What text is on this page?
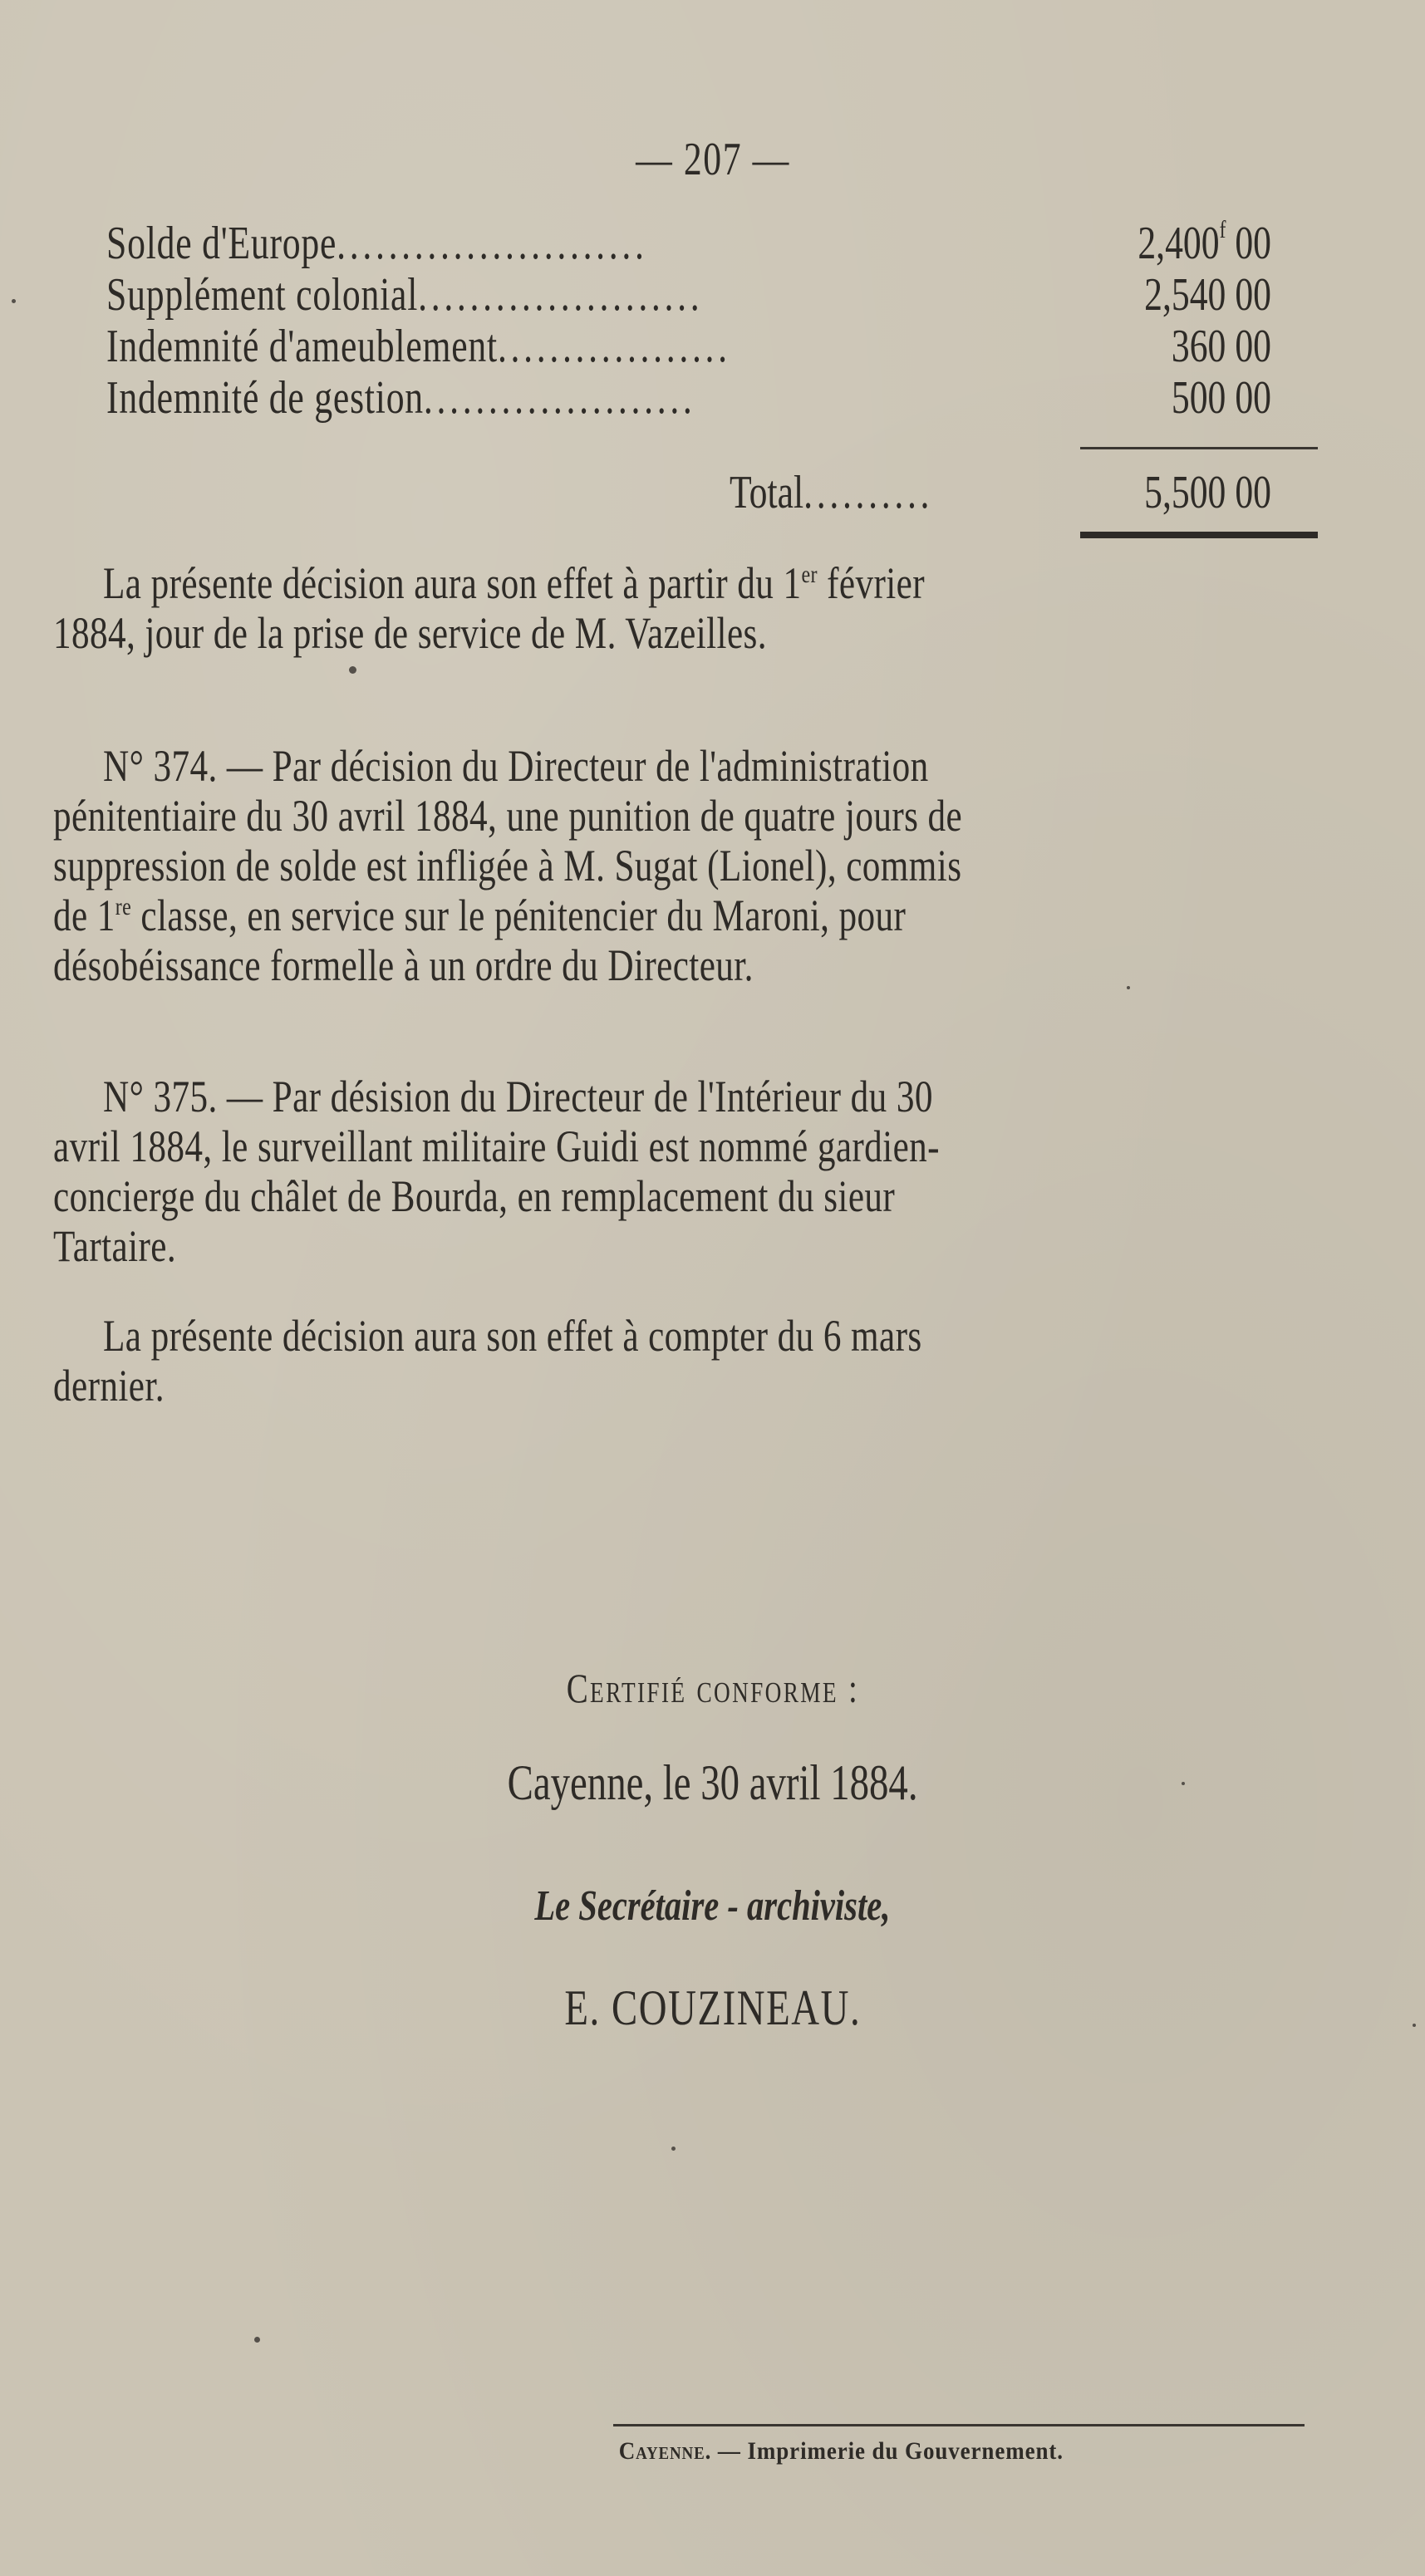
— 207 —
Solde d'Europe........................	2,400$^f$ 00
Supplément colonial......................	2,540 00
Indemnité d'ameublement..................	360 00
Indemnité de gestion.....................	500 00
Total..........	5,500 00
La présente décision aura son effet à partir du 1er février
1884, jour de la prise de service de M. Vazeilles.
N° 374. — Par décision du Directeur de l'administration
pénitentiaire du 30 avril 1884, une punition de quatre jours de
suppression de solde est infligée à M. Sugat (Lionel), commis
de 1re classe, en service sur le pénitencier du Maroni, pour
désobéissance formelle à un ordre du Directeur.
N° 375. — Par désision du Directeur de l'Intérieur du 30
avril 1884, le surveillant militaire Guidi est nommé gardien-
concierge du châlet de Bourda, en remplacement du sieur
Tartaire.
La présente décision aura son effet à compter du 6 mars
dernier.
Certifié conforme :
Cayenne, le 30 avril 1884.
Le Secrétaire - archiviste,
E. COUZINEAU.
Cayenne. — Imprimerie du Gouvernement.
